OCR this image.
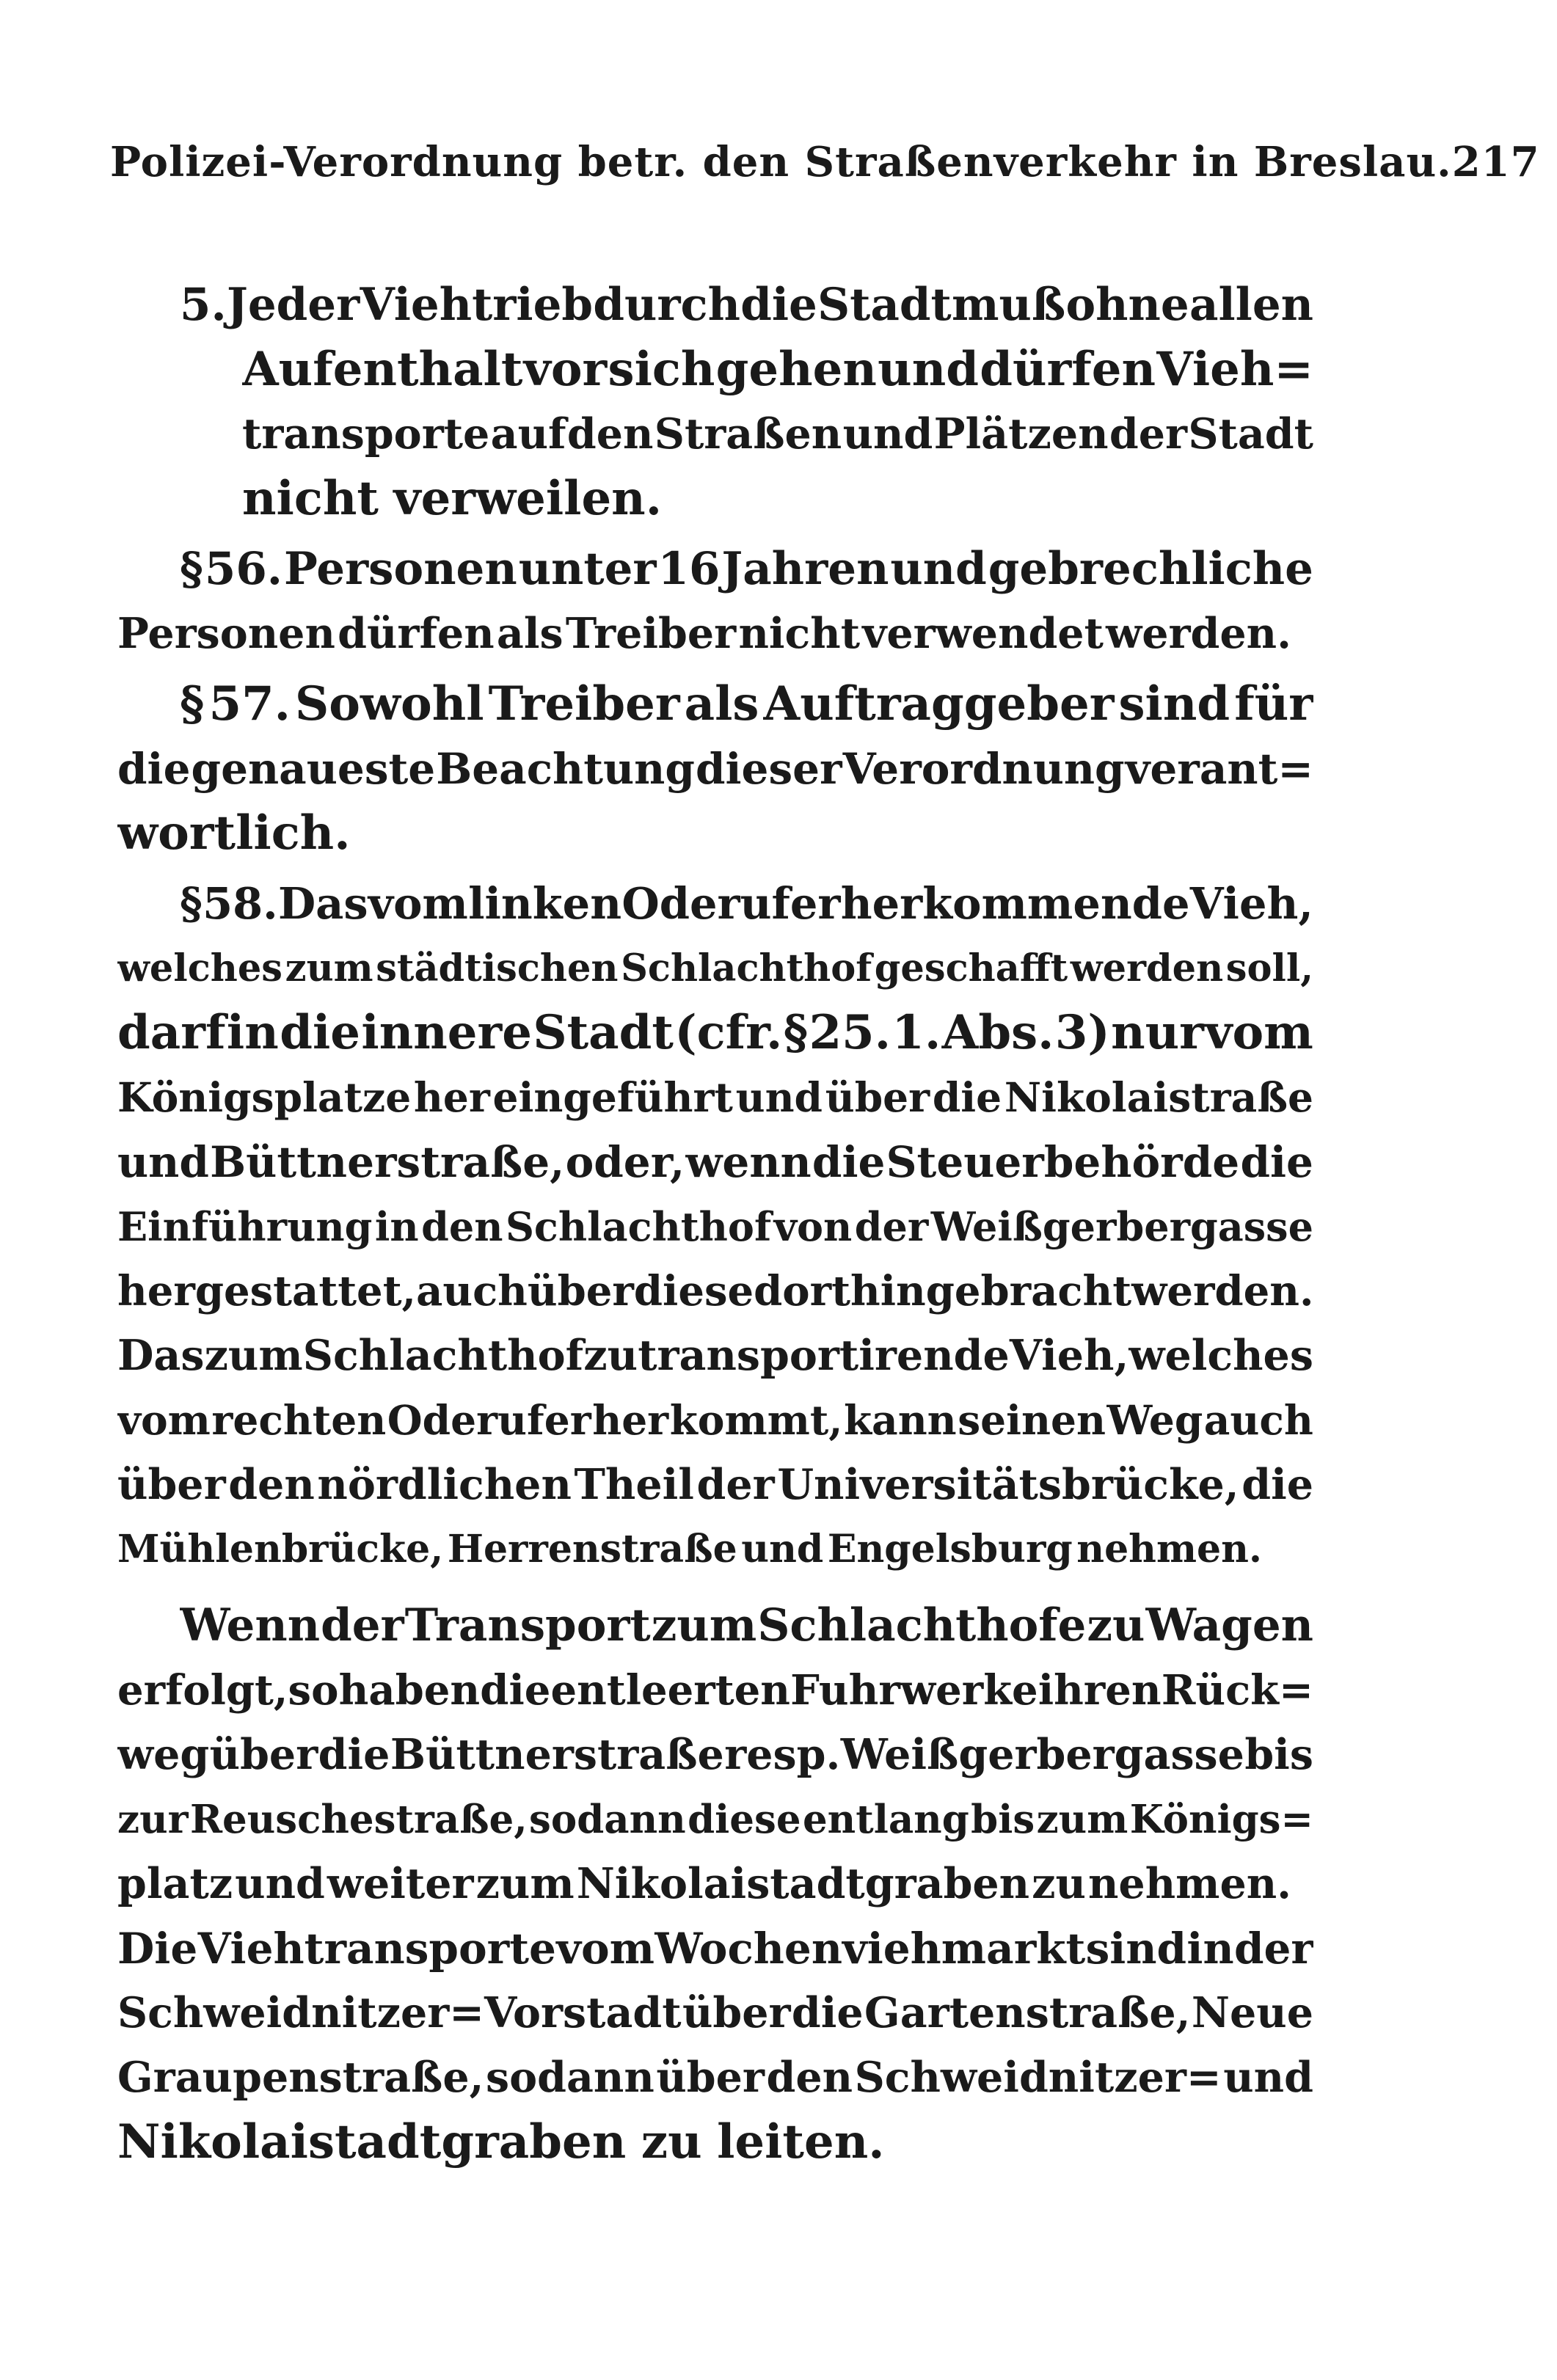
Polizei-Verordnung betr. den Straßenverkehr in Breslau. 217
5. Jeder Viehtrieb durch die Stadt muß ohne allen
Aufenthalt vor sich gehen und dürfen Vieh=
transporte auf den Straßen und Plätzen der Stadt
nicht verweilen.
§ 56. Personen unter 16 Jahren und gebrechliche
Personen dürfen als Treiber nicht verwendet werden.
§ 57. Sowohl Treiber als Auftraggeber sind für
die genaueste Beachtung dieser Verordnung verant=
wortlich.
§ 58. Das vom linken Oderufer herkommende Vieh,
welches zum städtischen Schlachthof geschafft werden soll,
darf in die innere Stadt (cfr. § 25. 1. Abs. 3) nur vom
Königsplatze her eingeführt und über die Nikolaistraße
und Büttnerstraße, oder, wenn die Steuerbehörde die
Einführung in den Schlachthof von der Weißgerbergasse
her gestattet, auch über diese dorthin gebracht werden.
Das zum Schlachthof zu transportirende Vieh, welches
vom rechten Oderufer her kommt, kann seinen Weg auch
über den nördlichen Theil der Universitätsbrücke, die
Mühlenbrücke, Herrenstraße und Engelsburg nehmen.
Wenn der Transport zum Schlachthofe zu Wagen
erfolgt, so haben die entleerten Fuhrwerke ihren Rück=
weg über die Büttnerstraße resp. Weißgerbergasse bis
zur Reuschestraße, sodann diese entlang bis zum Königs=
platz und weiter zum Nikolaistadtgraben zu nehmen.
Die Viehtransporte vom Wochenviehmarkt sind in der
Schweidnitzer=Vorstadt über die Gartenstraße, Neue
Graupenstraße, sodann über den Schweidnitzer= und
Nikolaistadtgraben zu leiten.
